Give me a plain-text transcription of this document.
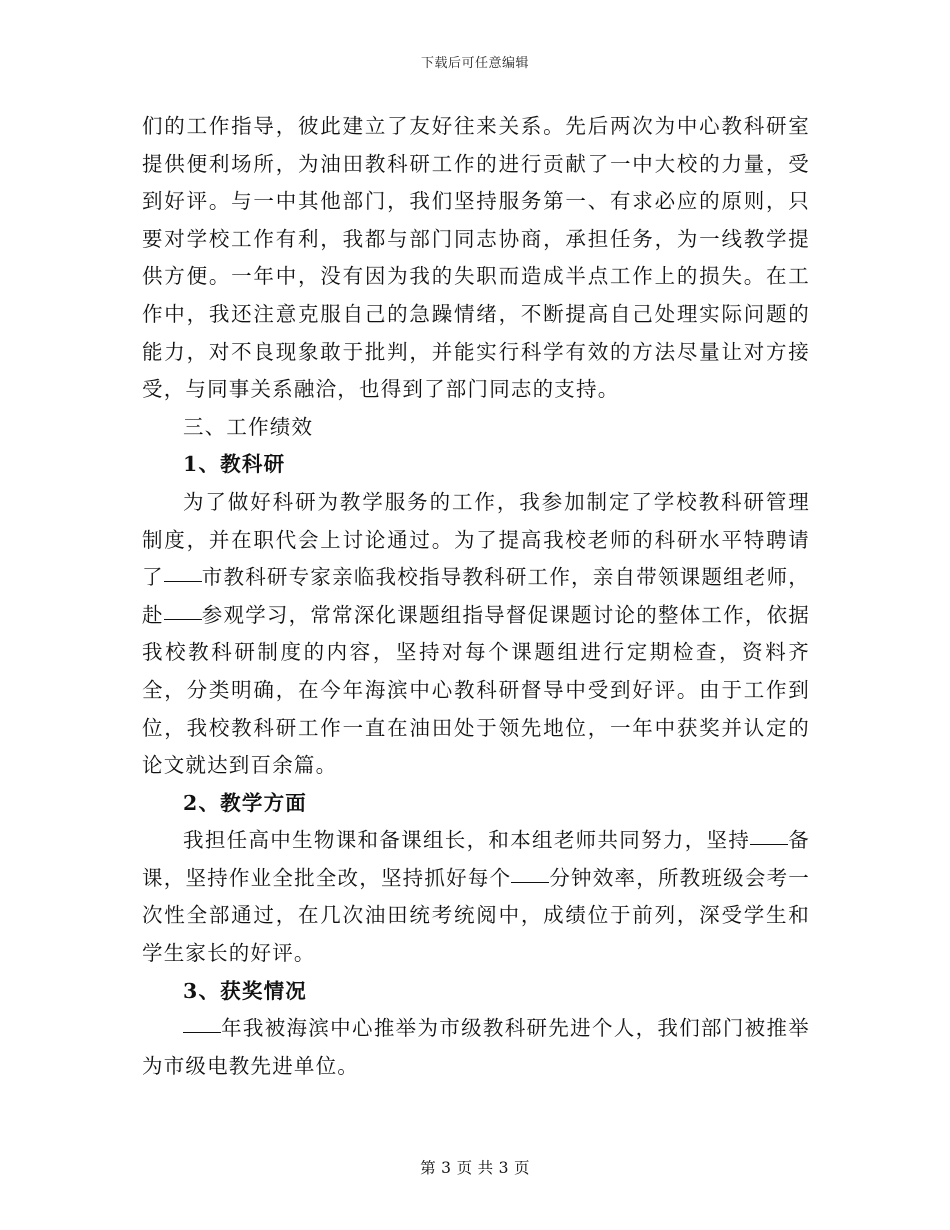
下载后可任意编辑

们的工作指导，彼此建立了友好往来关系。先后两次为中心教科研室提供便利场所，为油田教科研工作的进行贡献了一中大校的力量，受到好评。与一中其他部门，我们坚持服务第一、有求必应的原则，只要对学校工作有利，我都与部门同志协商，承担任务，为一线教学提供方便。一年中，没有因为我的失职而造成半点工作上的损失。在工作中，我还注意克服自己的急躁情绪，不断提高自己处理实际问题的能力，对不良现象敢于批判，并能实行科学有效的方法尽量让对方接受，与同事关系融洽，也得到了部门同志的支持。

三、工作绩效

1、教科研

为了做好科研为教学服务的工作，我参加制定了学校教科研管理制度，并在职代会上讨论通过。为了提高我校老师的科研水平特聘请了 市教科研专家亲临我校指导教科研工作，亲自带领课题组老师，赴 参观学习，常常深化课题组指导督促课题讨论的整体工作，依据我校教科研制度的内容，坚持对每个课题组进行定期检查，资料齐全，分类明确，在今年海滨中心教科研督导中受到好评。由于工作到位，我校教科研工作一直在油田处于领先地位，一年中获奖并认定的论文就达到百余篇。

2、教学方面

我担任高中生物课和备课组长，和本组老师共同努力，坚持 备课，坚持作业全批全改，坚持抓好每个 分钟效率，所教班级会考一次性全部通过，在几次油田统考统阅中，成绩位于前列，深受学生和学生家长的好评。

3、获奖情况

年我被海滨中心推举为市级教科研先进个人，我们部门被推举为市级电教先进单位。

第 3 页 共 3 页
